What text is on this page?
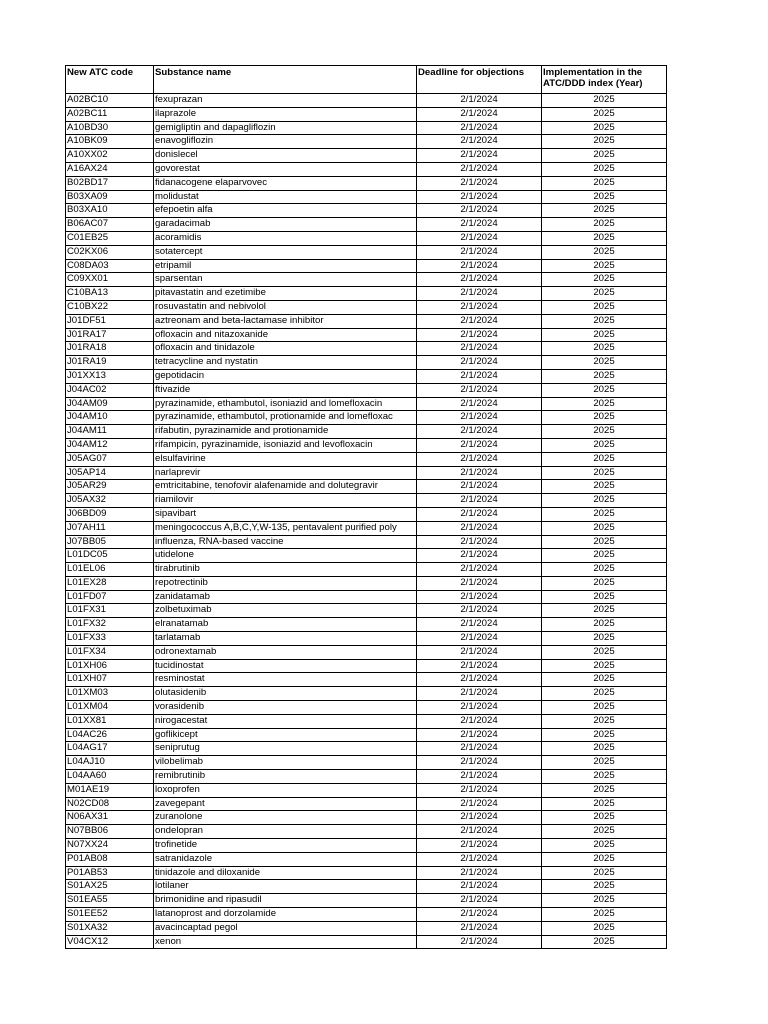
New ATC code	Substance name	Deadline for objections	Implementation in the ATC/DDD index (Year)
A02BC10	fexuprazan	2/1/2024	2025
A02BC11	ilaprazole	2/1/2024	2025
A10BD30	gemigliptin and dapagliflozin	2/1/2024	2025
A10BK09	enavogliflozin	2/1/2024	2025
A10XX02	donislecel	2/1/2024	2025
A16AX24	govorestat	2/1/2024	2025
B02BD17	fidanacogene elaparvovec	2/1/2024	2025
B03XA09	molidustat	2/1/2024	2025
B03XA10	efepoetin alfa	2/1/2024	2025
B06AC07	garadacimab	2/1/2024	2025
C01EB25	acoramidis	2/1/2024	2025
C02KX06	sotatercept	2/1/2024	2025
C08DA03	etripamil	2/1/2024	2025
C09XX01	sparsentan	2/1/2024	2025
C10BA13	pitavastatin and ezetimibe	2/1/2024	2025
C10BX22	rosuvastatin and nebivolol	2/1/2024	2025
J01DF51	aztreonam and beta-lactamase inhibitor	2/1/2024	2025
J01RA17	ofloxacin and nitazoxanide	2/1/2024	2025
J01RA18	ofloxacin and tinidazole	2/1/2024	2025
J01RA19	tetracycline and nystatin	2/1/2024	2025
J01XX13	gepotidacin	2/1/2024	2025
J04AC02	ftivazide	2/1/2024	2025
J04AM09	pyrazinamide, ethambutol, isoniazid and lomefloxacin	2/1/2024	2025
J04AM10	pyrazinamide, ethambutol, protionamide and lomefloxac	2/1/2024	2025
J04AM11	rifabutin, pyrazinamide and protionamide	2/1/2024	2025
J04AM12	rifampicin, pyrazinamide, isoniazid and levofloxacin	2/1/2024	2025
J05AG07	elsulfavirine	2/1/2024	2025
J05AP14	narlaprevir	2/1/2024	2025
J05AR29	emtricitabine, tenofovir alafenamide and dolutegravir	2/1/2024	2025
J05AX32	riamilovir	2/1/2024	2025
J06BD09	sipavibart	2/1/2024	2025
J07AH11	meningococcus A,B,C,Y,W-135, pentavalent purified poly	2/1/2024	2025
J07BB05	influenza, RNA-based vaccine	2/1/2024	2025
L01DC05	utidelone	2/1/2024	2025
L01EL06	tirabrutinib	2/1/2024	2025
L01EX28	repotrectinib	2/1/2024	2025
L01FD07	zanidatamab	2/1/2024	2025
L01FX31	zolbetuximab	2/1/2024	2025
L01FX32	elranatamab	2/1/2024	2025
L01FX33	tarlatamab	2/1/2024	2025
L01FX34	odronextamab	2/1/2024	2025
L01XH06	tucidinostat	2/1/2024	2025
L01XH07	resminostat	2/1/2024	2025
L01XM03	olutasidenib	2/1/2024	2025
L01XM04	vorasidenib	2/1/2024	2025
L01XX81	nirogacestat	2/1/2024	2025
L04AC26	goflikicept	2/1/2024	2025
L04AG17	seniprutug	2/1/2024	2025
L04AJ10	vilobelimab	2/1/2024	2025
L04AA60	remibrutinib	2/1/2024	2025
M01AE19	loxoprofen	2/1/2024	2025
N02CD08	zavegepant	2/1/2024	2025
N06AX31	zuranolone	2/1/2024	2025
N07BB06	ondelopran	2/1/2024	2025
N07XX24	trofinetide	2/1/2024	2025
P01AB08	satranidazole	2/1/2024	2025
P01AB53	tinidazole and diloxanide	2/1/2024	2025
S01AX25	lotilaner	2/1/2024	2025
S01EA55	brimonidine and ripasudil	2/1/2024	2025
S01EE52	latanoprost and dorzolamide	2/1/2024	2025
S01XA32	avacincaptad pegol	2/1/2024	2025
V04CX12	xenon	2/1/2024	2025
